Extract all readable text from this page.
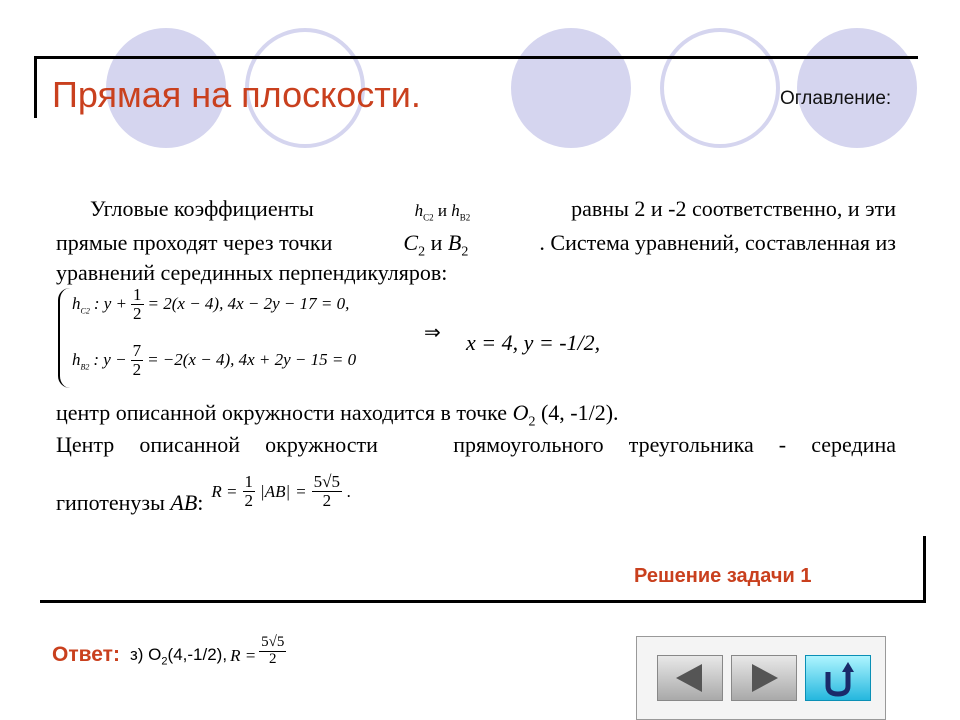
Прямая на плоскости.	Оглавление:
Угловые коэффициенты	$h_{C2}$ и $h_{B2}$	равны 2 и -2 соответственно, и эти
прямые проходят через точки	$C_2$ и $B_2$	. Система уравнений, составленная из
уравнений серединных перпендикуляров:
$h_{C2}$ : $y + \frac{1}{2} = 2(x - 4)$, 4x − 2y − 17 = 0,
$h_{B2}$ : $y - \frac{7}{2} = -2(x - 4)$, 4x + 2y − 15 = 0
⇒ x = 4, y = -1/2,
центр описанной окружности находится в точке $O_2$ (4, -1/2).
Центр описанной окружности   прямоугольного треугольника - середина
гипотенузы AB: $R = \frac{1}{2} |AB| = \frac{5√5}{2}$ .
Решение задачи 1
Ответ: з) $O_2(4,-1/2)$, $R = \frac{5√5}{2}$
